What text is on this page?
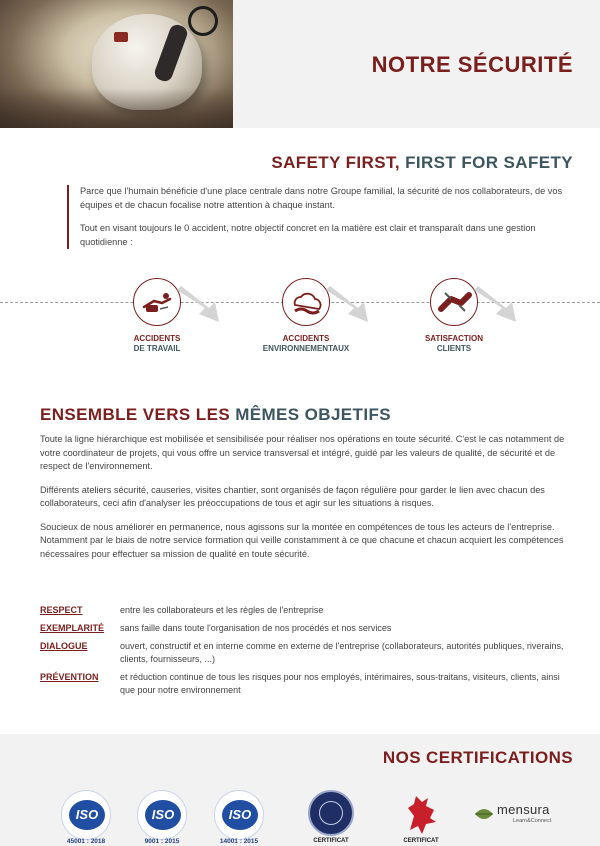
NOTRE SÉCURITÉ
SAFETY FIRST, FIRST FOR SAFETY

Parce que l'humain bénéficie d'une place centrale dans notre Groupe familial, la sécurité de nos collaborateurs, de vos équipes et de chacun focalise notre attention à chaque instant.

Tout en visant toujours le 0 accident, notre objectif concret en la matière est clair et transparaît dans une gestion quotidienne :

ACCIDENTS
DE TRAVAIL
ACCIDENTS
ENVIRONNEMENTAUX
SATISFACTION
CLIENTS
ENSEMBLE VERS LES MÊMES OBJETIFS

Toute la ligne hiérarchique est mobilisée et sensibilisée pour réaliser nos opérations en toute sécurité. C'est le cas notamment de votre coordinateur de projets, qui vous offre un service transversal et intégré, guidé par les valeurs de qualité, de sécurité et de respect de l'environnement.

Différents ateliers sécurité, causeries, visites chantier, sont organisés de façon régulière pour garder le lien avec chacun des collaborateurs, ceci afin d'analyser les préoccupations de tous et agir sur les situations à risques.

Soucieux de nous améliorer en permanence, nous agissons sur la montée en compétences de tous les acteurs de l'entreprise. Notamment par le biais de notre service formation qui veille constamment à ce que chacune et chacun acquiert les compétences nécessaires pour effectuer sa mission de qualité en toute sécurité.

RESPECT	entre les collaborateurs et les règles de l'entreprise
EXEMPLARITÉ	sans faille dans toute l'organisation de nos procédés et nos services
DIALOGUE	ouvert, constructif et en interne comme en externe de l'entreprise (collaborateurs, autorités publiques, riverains, clients, fournisseurs, ...)
PRÉVENTION	et réduction continue de tous les risques pour nos employés, intérimaires, sous-traitans, visiteurs, clients, ainsi que pour notre environnement
NOS CERTIFICATIONS
ISO
45001 : 2018
ISO
9001 : 2015
ISO
14001 : 2015	CERTIFICAT	CERTIFICAT
mensura
Learn&Connect
